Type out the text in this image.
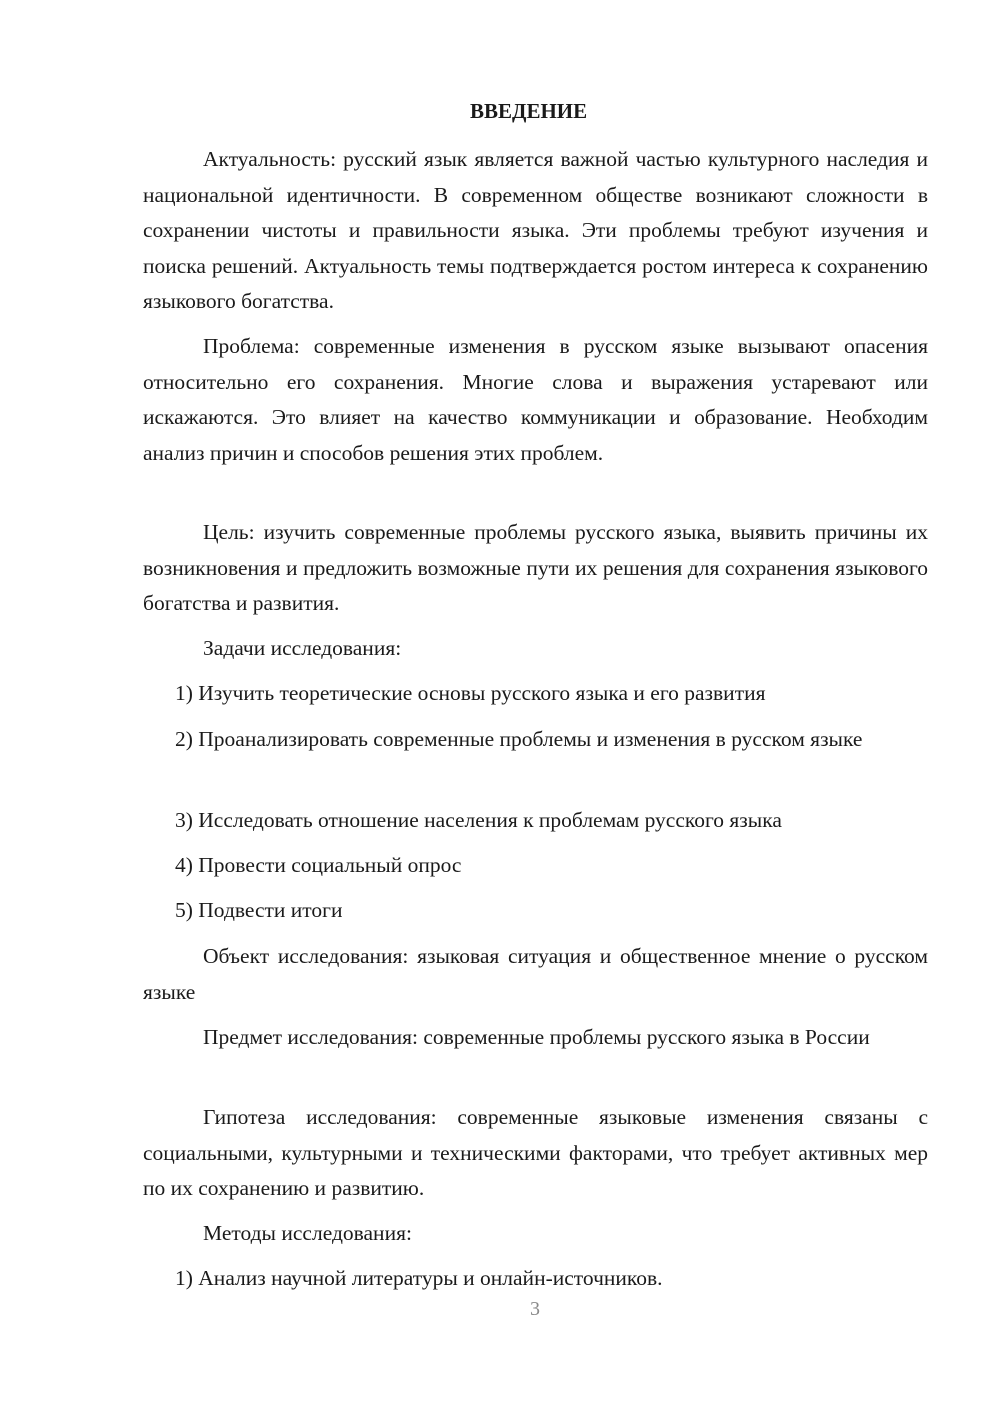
ВВЕДЕНИЕ

Актуальность: русский язык является важной частью культурного наследия и национальной идентичности. В современном обществе возникают сложности в сохранении чистоты и правильности языка. Эти проблемы требуют изучения и поиска решений. Актуальность темы подтверждается ростом интереса к сохранению языкового богатства.

Проблема: современные изменения в русском языке вызывают опасения относительно его сохранения. Многие слова и выражения устаревают или искажаются. Это влияет на качество коммуникации и образование. Необходим анализ причин и способов решения этих проблем.

Цель: изучить современные проблемы русского языка, выявить причины их возникновения и предложить возможные пути их решения для сохранения языкового богатства и развития.

Задачи исследования:

1) Изучить теоретические основы русского языка и его развития

2) Проанализировать современные проблемы и изменения в русском языке

3) Исследовать отношение населения к проблемам русского языка

4) Провести социальный опрос

5) Подвести итоги

Объект исследования: языковая ситуация и общественное мнение о русском языке

Предмет исследования: современные проблемы русского языка в России

Гипотеза исследования: современные языковые изменения связаны с социальными, культурными и техническими факторами, что требует активных мер по их сохранению и развитию.

Методы исследования:

1) Анализ научной литературы и онлайн-источников.

3
